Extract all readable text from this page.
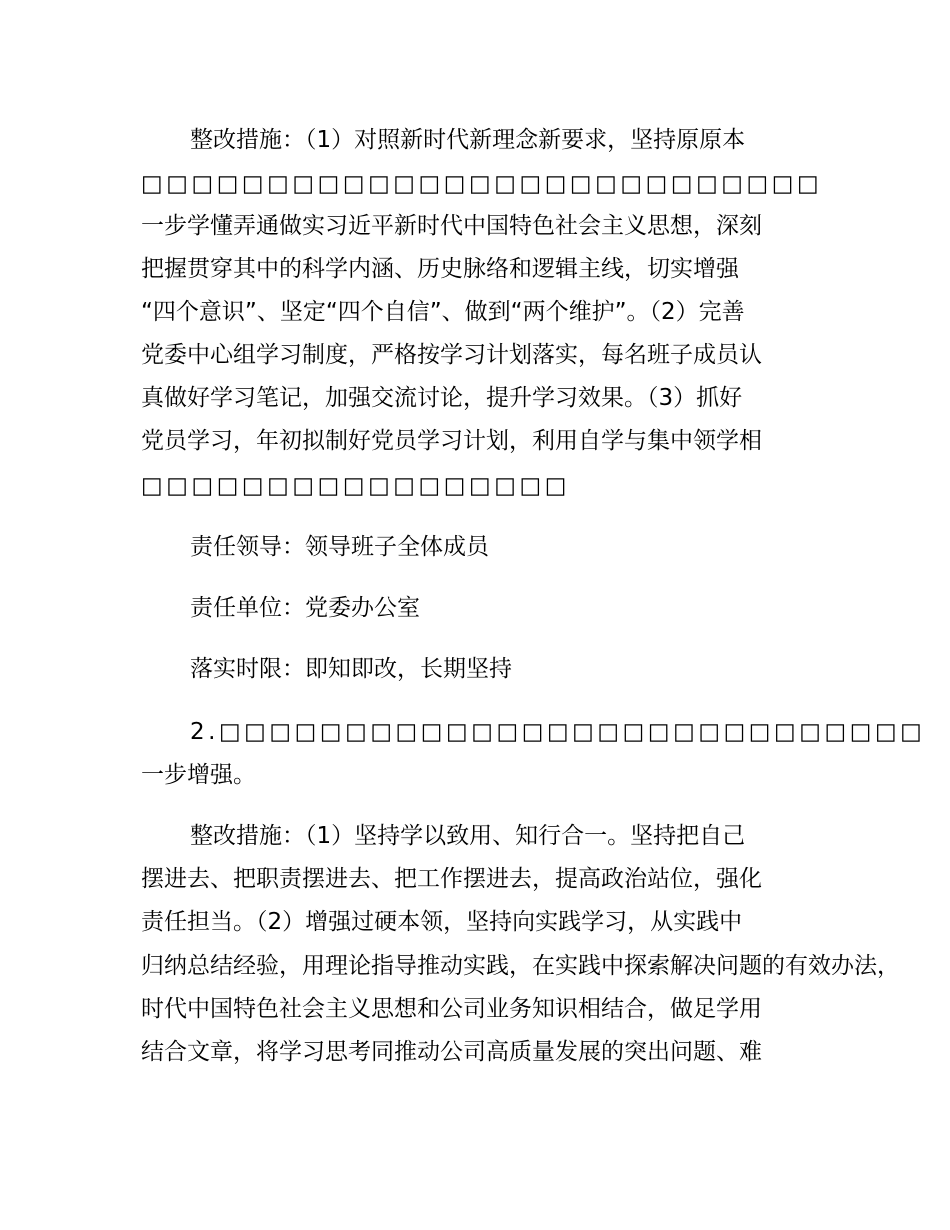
整改措施：（1）对照新时代新理念新要求，坚持原原本
□□□□□□□□□□□□□□□□□□□□□□□□□□□
一步学懂弄通做实习近平新时代中国特色社会主义思想，深刻
把握贯穿其中的科学内涵、历史脉络和逻辑主线，切实增强
“四个意识”、坚定“四个自信”、做到“两个维护”。（2）完善
党委中心组学习制度，严格按学习计划落实，每名班子成员认
真做好学习笔记，加强交流讨论，提升学习效果。（3）抓好
党员学习，年初拟制好党员学习计划，利用自学与集中领学相
□□□□□□□□□□□□□□□□□
责任领导：领导班子全体成员
责任单位：党委办公室
落实时限：即知即改，长期坚持
2.□□□□□□□□□□□□□□□□□□□□□□□□□□□□
一步增强。
整改措施：（1）坚持学以致用、知行合一。坚持把自己
摆进去、把职责摆进去、把工作摆进去，提高政治站位，强化
责任担当。（2）增强过硬本领，坚持向实践学习，从实践中
归纳总结经验，用理论指导推动实践，在实践中探索解决问题的有效办法，
时代中国特色社会主义思想和公司业务知识相结合，做足学用
结合文章，将学习思考同推动公司高质量发展的突出问题、难
